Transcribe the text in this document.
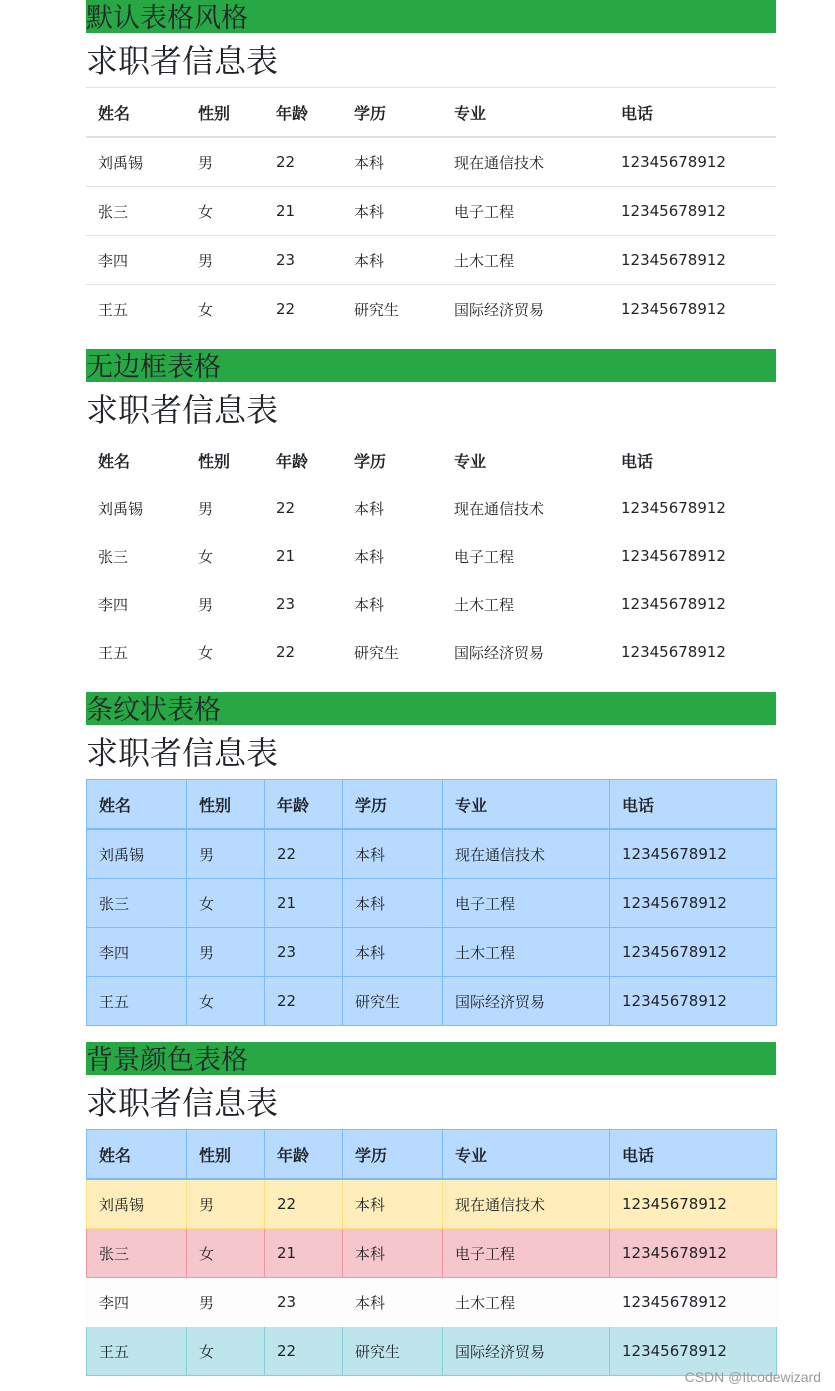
默认表格风格
求职者信息表
姓名	性别	年龄	学历	专业	电话
刘禹锡	男	22	本科	现在通信技术	12345678912
张三	女	21	本科	电子工程	12345678912
李四	男	23	本科	土木工程	12345678912
王五	女	22	研究生	国际经济贸易	12345678912
无边框表格
求职者信息表
姓名	性别	年龄	学历	专业	电话
刘禹锡	男	22	本科	现在通信技术	12345678912
张三	女	21	本科	电子工程	12345678912
李四	男	23	本科	土木工程	12345678912
王五	女	22	研究生	国际经济贸易	12345678912
条纹状表格
求职者信息表
姓名	性别	年龄	学历	专业	电话
刘禹锡	男	22	本科	现在通信技术	12345678912
张三	女	21	本科	电子工程	12345678912
李四	男	23	本科	土木工程	12345678912
王五	女	22	研究生	国际经济贸易	12345678912
背景颜色表格
求职者信息表
姓名	性别	年龄	学历	专业	电话
刘禹锡	男	22	本科	现在通信技术	12345678912
张三	女	21	本科	电子工程	12345678912
李四	男	23	本科	土木工程	12345678912
王五	女	22	研究生	国际经济贸易	12345678912
CSDN @Itcodewizard
